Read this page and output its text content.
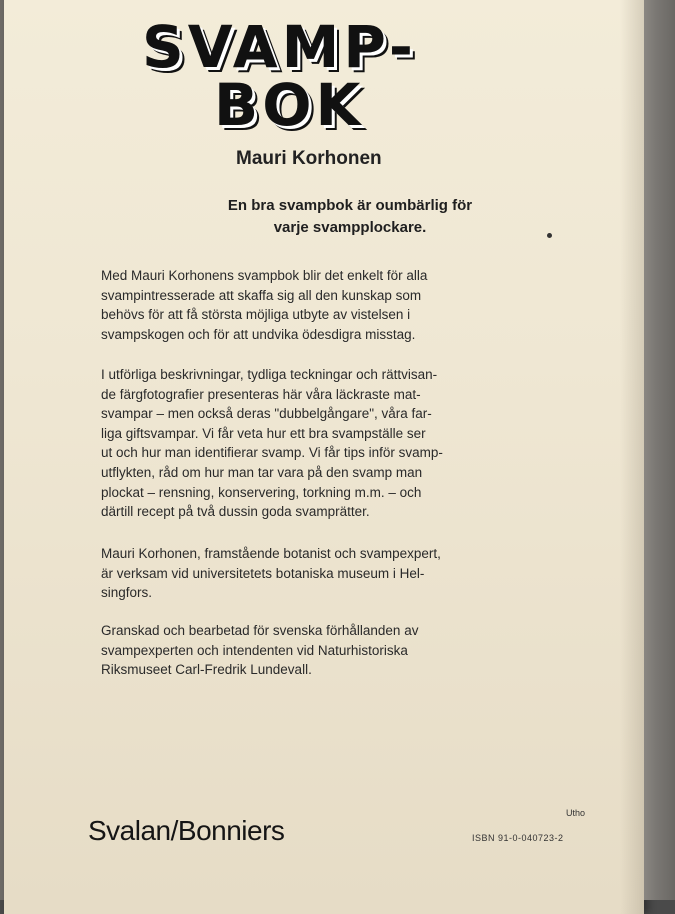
SVAMP-
BOK
Mauri Korhonen
En bra svampbok är oumbärlig för
varje svampplockare.
Med Mauri Korhonens svampbok blir det enkelt för alla
svampintresserade att skaffa sig all den kunskap som
behövs för att få största möjliga utbyte av vistelsen i
svampskogen och för att undvika ödesdigra misstag.
I utförliga beskrivningar, tydliga teckningar och rättvisan-
de färgfotografier presenteras här våra läckraste mat-
svampar – men också deras "dubbelgångare", våra far-
liga giftsvampar. Vi får veta hur ett bra svampställe ser
ut och hur man identifierar svamp. Vi får tips inför svamp-
utflykten, råd om hur man tar vara på den svamp man
plockat – rensning, konservering, torkning m.m. – och
därtill recept på två dussin goda svamprätter.
Mauri Korhonen, framstående botanist och svampexpert,
är verksam vid universitetets botaniska museum i Hel-
singfors.
Granskad och bearbetad för svenska förhållanden av
svampexperten och intendenten vid Naturhistoriska
Riksmuseet Carl-Fredrik Lundevall.
Svalan/Bonniers
Utho
ISBN 91-0-040723-2
